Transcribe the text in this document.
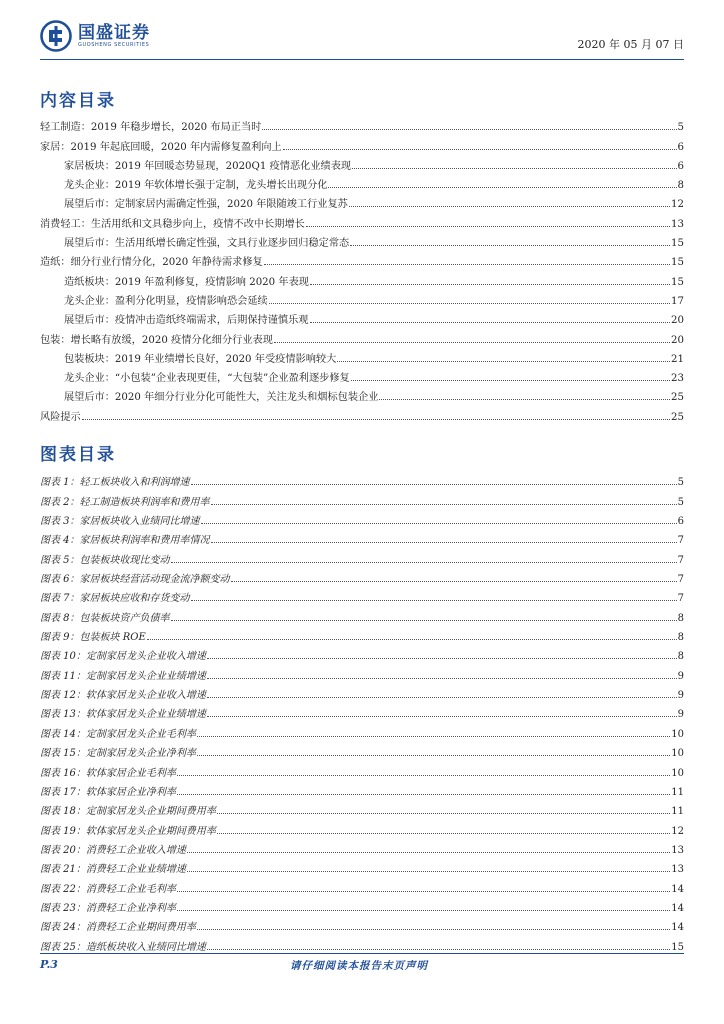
国盛证券
GUOSHENG SECURITIES	2020 年 05 月 07 日
内容目录
轻工制造：2019 年稳步增长，2020 布局正当时	5
家居：2019 年起底回暖，2020 年内需修复盈利向上	6
家居板块：2019 年回暖态势显现，2020Q1 疫情恶化业绩表现	6
龙头企业：2019 年软体增长强于定制，龙头增长出现分化	8
展望后市：定制家居内需确定性强，2020 年限随竣工行业复苏	12
消费轻工：生活用纸和文具稳步向上，疫情不改中长期增长	13
展望后市：生活用纸增长确定性强，文具行业逐步回归稳定常态	15
造纸：细分行业行情分化，2020 年静待需求修复	15
造纸板块：2019 年盈利修复，疫情影响 2020 年表现	15
龙头企业：盈利分化明显，疫情影响恐会延续	17
展望后市：疫情冲击造纸终端需求，后期保持谨慎乐观	20
包装：增长略有放缓，2020 疫情分化细分行业表现	20
包装板块：2019 年业绩增长良好，2020 年受疫情影响较大	21
龙头企业：“小包装”企业表现更佳，“大包装”企业盈利逐步修复	23
展望后市：2020 年细分行业分化可能性大，关注龙头和烟标包装企业	25
风险提示	25
图表目录
图表 1：轻工板块收入和利润增速	5
图表 2：轻工制造板块利润率和费用率	5
图表 3：家居板块收入业绩同比增速	6
图表 4：家居板块利润率和费用率情况	7
图表 5：包装板块收现比变动	7
图表 6：家居板块经营活动现金流净额变动	7
图表 7：家居板块应收和存货变动	7
图表 8：包装板块资产负债率	8
图表 9：包装板块 ROE	8
图表 10：定制家居龙头企业收入增速	8
图表 11：定制家居龙头企业业绩增速	9
图表 12：软体家居龙头企业收入增速	9
图表 13：软体家居龙头企业业绩增速	9
图表 14：定制家居龙头企业毛利率	10
图表 15：定制家居龙头企业净利率	10
图表 16：软体家居企业毛利率	10
图表 17：软体家居企业净利率	11
图表 18：定制家居龙头企业期间费用率	11
图表 19：软体家居龙头企业期间费用率	12
图表 20：消费轻工企业收入增速	13
图表 21：消费轻工企业业绩增速	13
图表 22：消费轻工企业毛利率	14
图表 23：消费轻工企业净利率	14
图表 24：消费轻工企业期间费用率	14
图表 25：造纸板块收入业绩同比增速	15
P.3	请仔细阅读本报告末页声明
